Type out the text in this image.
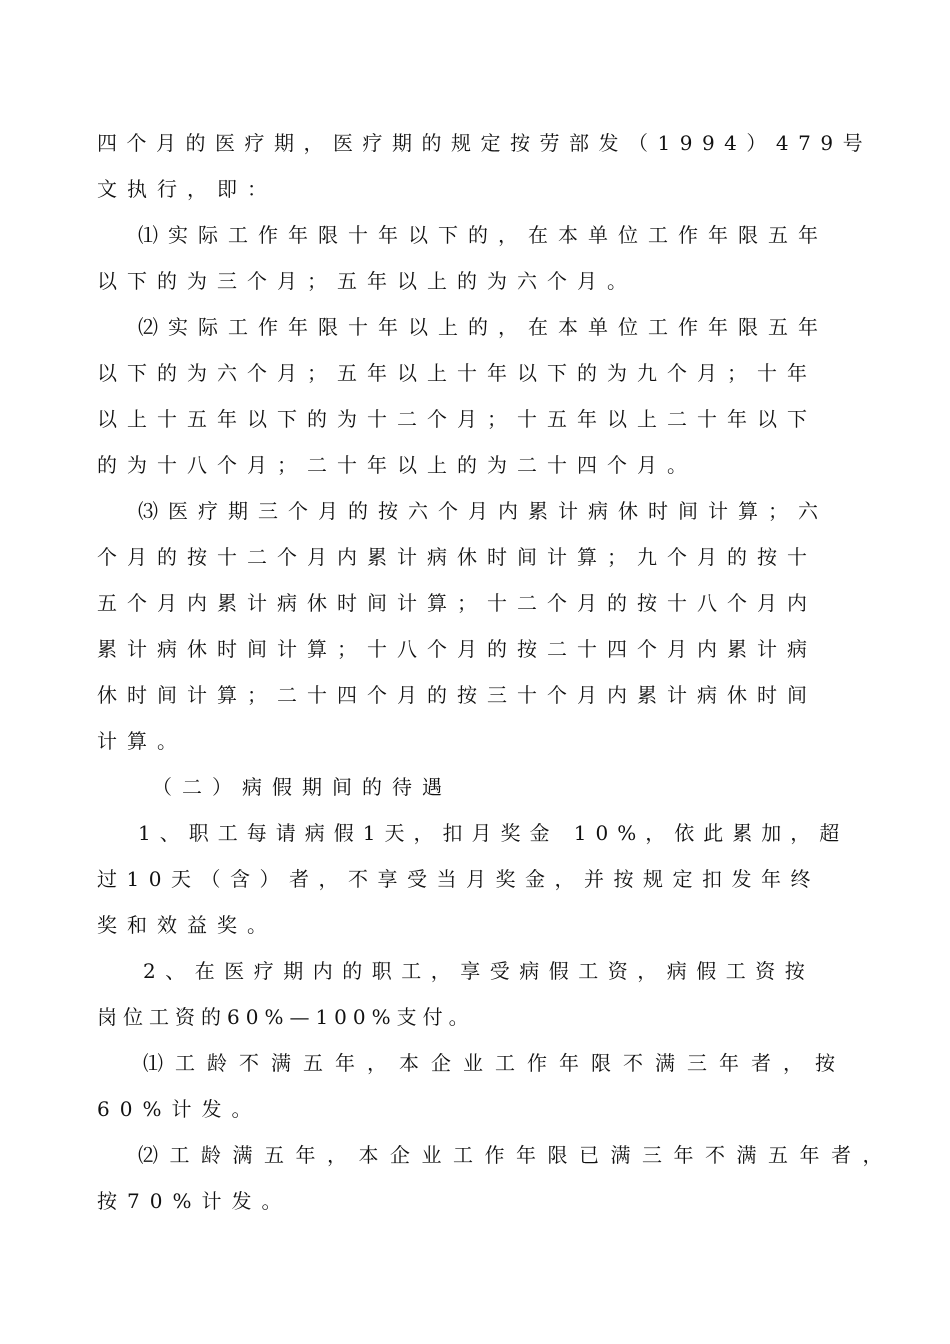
四个月的医疗期，医疗期的规定按劳部发（1994）479号
文执行，即：
⑴实际工作年限十年以下的，在本单位工作年限五年
以下的为三个月；五年以上的为六个月。
⑵实际工作年限十年以上的，在本单位工作年限五年
以下的为六个月；五年以上十年以下的为九个月；十年
以上十五年以下的为十二个月；十五年以上二十年以下
的为十八个月；二十年以上的为二十四个月。
⑶医疗期三个月的按六个月内累计病休时间计算；六
个月的按十二个月内累计病休时间计算；九个月的按十
五个月内累计病休时间计算；十二个月的按十八个月内
累计病休时间计算；十八个月的按二十四个月内累计病
休时间计算；二十四个月的按三十个月内累计病休时间
计算。
（二）病假期间的待遇
1、职工每请病假1天，扣月奖金 10%，依此累加，超
过10天（含）者，不享受当月奖金，并按规定扣发年终
奖和效益奖。
2、在医疗期内的职工，享受病假工资，病假工资按
岗位工资的60%—100%支付。
⑴工龄不满五年，本企业工作年限不满三年者，按
60%计发。
⑵工龄满五年，本企业工作年限已满三年不满五年者，
按70%计发。
